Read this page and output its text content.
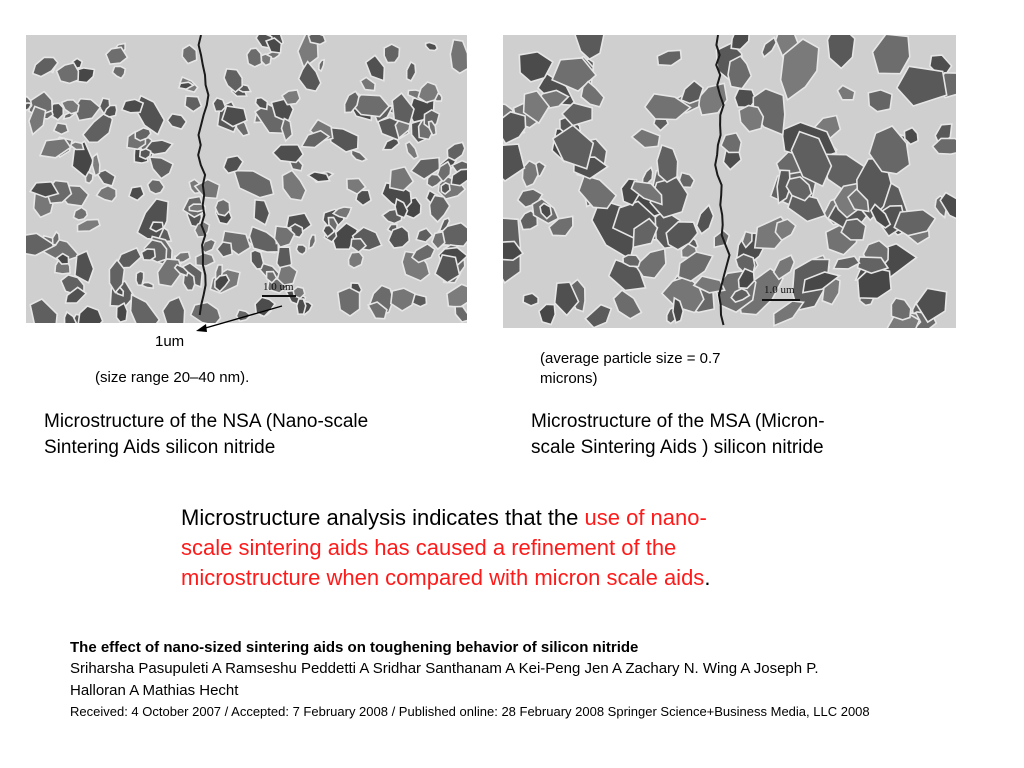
1.0 um
1um
1.0 um
(size range 20–40 nm).
(average particle size = 0.7
microns)
Microstructure of the NSA (Nano-scale
Sintering Aids silicon nitride
Microstructure of the MSA (Micron-
scale Sintering Aids ) silicon nitride
Microstructure analysis indicates that the use of nano-
scale sintering aids has caused a refinement of the
microstructure when compared with micron scale aids.
The effect of nano-sized sintering aids on toughening behavior of silicon nitride
Sriharsha Pasupuleti A Ramseshu Peddetti A Sridhar Santhanam A Kei-Peng Jen A Zachary N. Wing A Joseph P.
Halloran A Mathias Hecht
Received: 4 October 2007 / Accepted: 7 February 2008 / Published online: 28 February 2008 Springer Science+Business Media, LLC 2008
